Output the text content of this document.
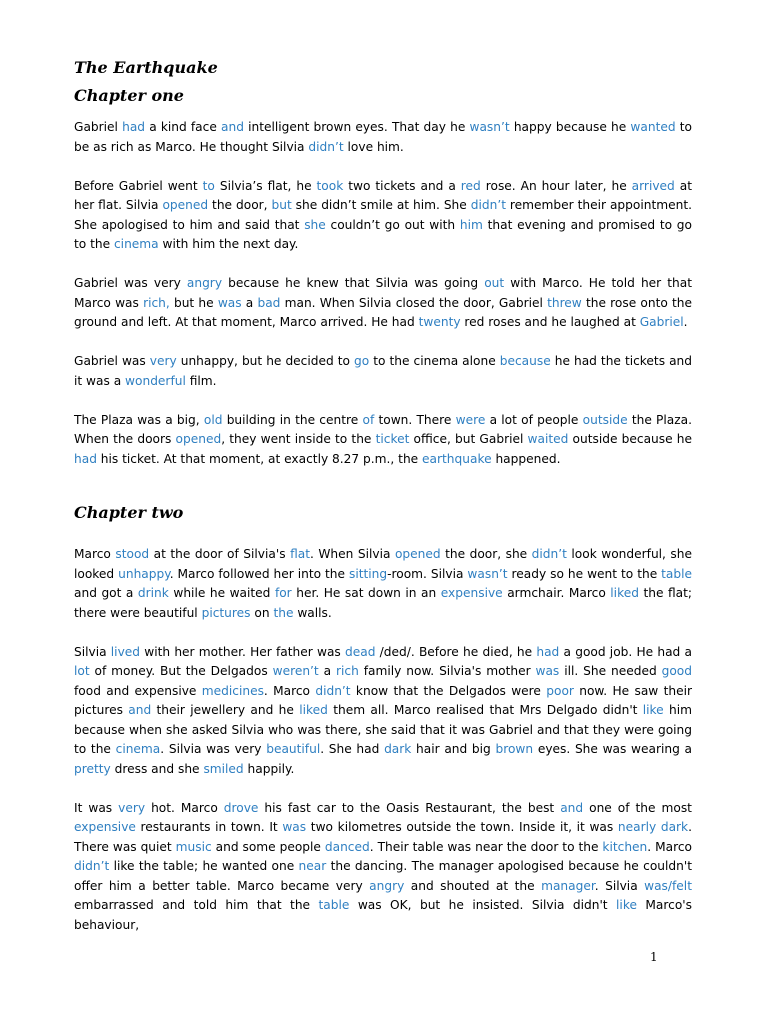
The Earthquake
Chapter one

Gabriel had a kind face and intelligent brown eyes. That day he wasn’t happy because he wanted to be as rich as Marco. He thought Silvia didn’t love him.

Before Gabriel went to Silvia’s flat, he took two tickets and a red rose. An hour later, he arrived at her flat. Silvia opened the door, but she didn’t smile at him. She didn’t remember their appointment. She apologised to him and said that she couldn’t go out with him that evening and promised to go to the cinema with him the next day.

Gabriel was very angry because he knew that Silvia was going out with Marco. He told her that Marco was rich, but he was a bad man. When Silvia closed the door, Gabriel threw the rose onto the ground and left. At that moment, Marco arrived. He had twenty red roses and he laughed at Gabriel.

Gabriel was very unhappy, but he decided to go to the cinema alone because he had the tickets and it was a wonderful film.

The Plaza was a big, old building in the centre of town. There were a lot of people outside the Plaza. When the doors opened, they went inside to the ticket office, but Gabriel waited outside because he had his ticket. At that moment, at exactly 8.27 p.m., the earthquake happened.

Chapter two

Marco stood at the door of Silvia's flat. When Silvia opened the door, she didn’t look wonderful, she looked unhappy. Marco followed her into the sitting-room. Silvia wasn’t ready so he went to the table and got a drink while he waited for her. He sat down in an expensive armchair. Marco liked the flat; there were beautiful pictures on the walls.

Silvia lived with her mother. Her father was dead /ded/. Before he died, he had a good job. He had a lot of money. But the Delgados weren’t a rich family now. Silvia's mother was ill. She needed good food and expensive medicines. Marco didn’t know that the Delgados were poor now. He saw their pictures and their jewellery and he liked them all. Marco realised that Mrs Delgado didn't like him because when she asked Silvia who was there, she said that it was Gabriel and that they were going to the cinema. Silvia was very beautiful. She had dark hair and big brown eyes. She was wearing a pretty dress and she smiled happily.

It was very hot. Marco drove his fast car to the Oasis Restaurant, the best and one of the most expensive restaurants in town. It was two kilometres outside the town. Inside it, it was nearly dark. There was quiet music and some people danced. Their table was near the door to the kitchen. Marco didn’t like the table; he wanted one near the dancing. The manager apologised because he couldn't offer him a better table. Marco became very angry and shouted at the manager. Silvia was/felt embarrassed and told him that the table was OK, but he insisted. Silvia didn't like Marco's behaviour,

1
